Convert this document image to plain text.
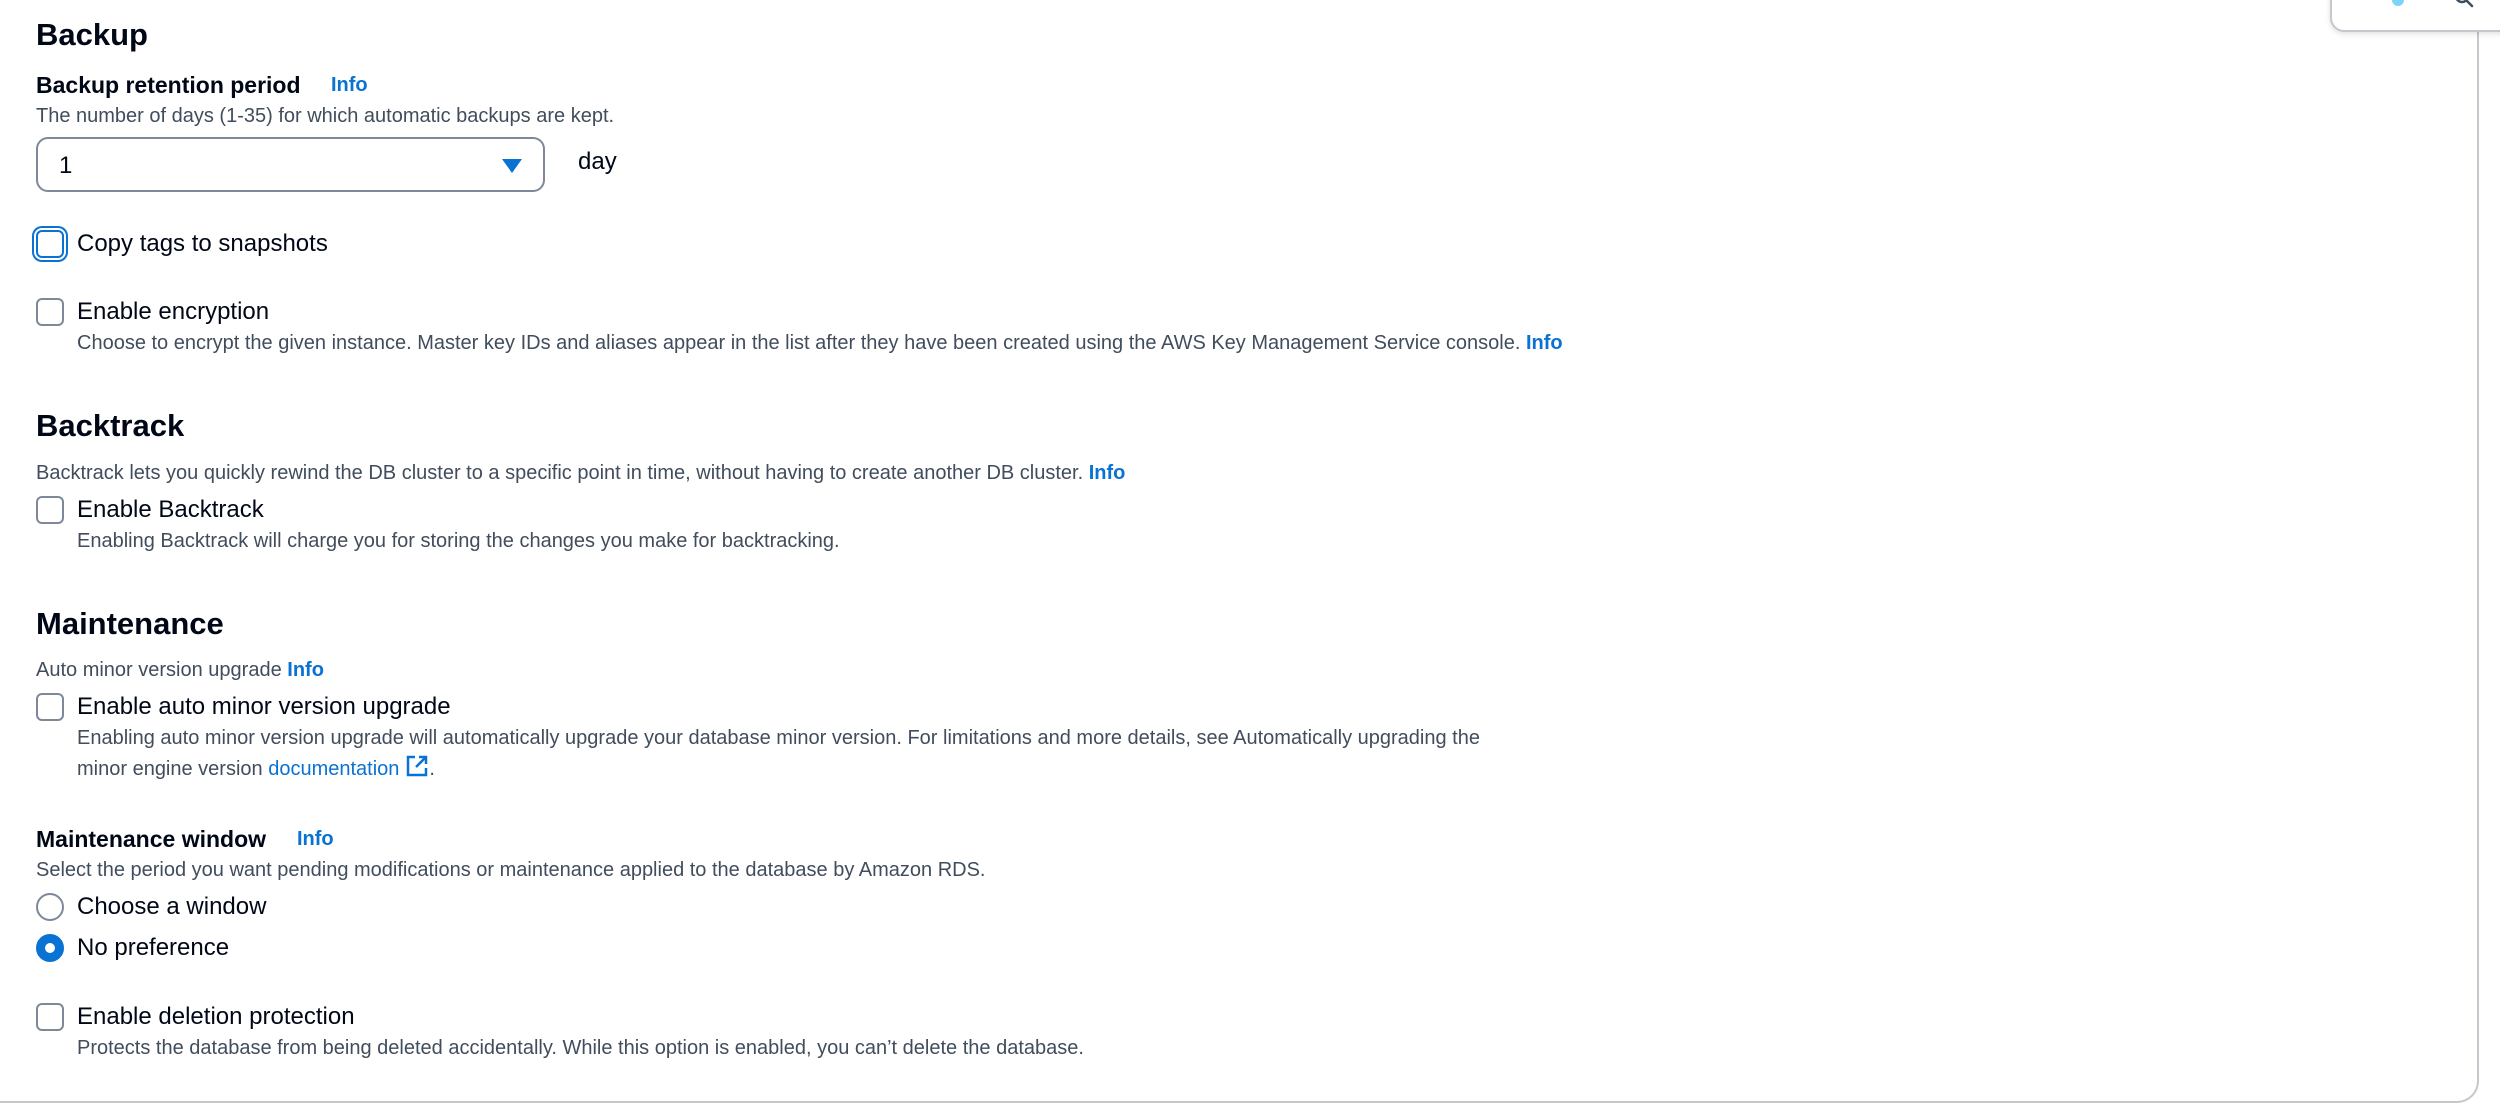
Backup
Backup retention period Info
The number of days (1-35) for which automatic backups are kept.
1	day
Copy tags to snapshots
Enable encryption
Choose to encrypt the given instance. Master key IDs and aliases appear in the list after they have been created using the AWS Key Management Service console. Info
Backtrack
Backtrack lets you quickly rewind the DB cluster to a specific point in time, without having to create another DB cluster. Info
Enable Backtrack
Enabling Backtrack will charge you for storing the changes you make for backtracking.
Maintenance
Auto minor version upgrade Info
Enable auto minor version upgrade
Enabling auto minor version upgrade will automatically upgrade your database minor version. For limitations and more details, see Automatically upgrading the
minor engine version documentation .
Maintenance window Info
Select the period you want pending modifications or maintenance applied to the database by Amazon RDS.
Choose a window
No preference
Enable deletion protection
Protects the database from being deleted accidentally. While this option is enabled, you can’t delete the database.
